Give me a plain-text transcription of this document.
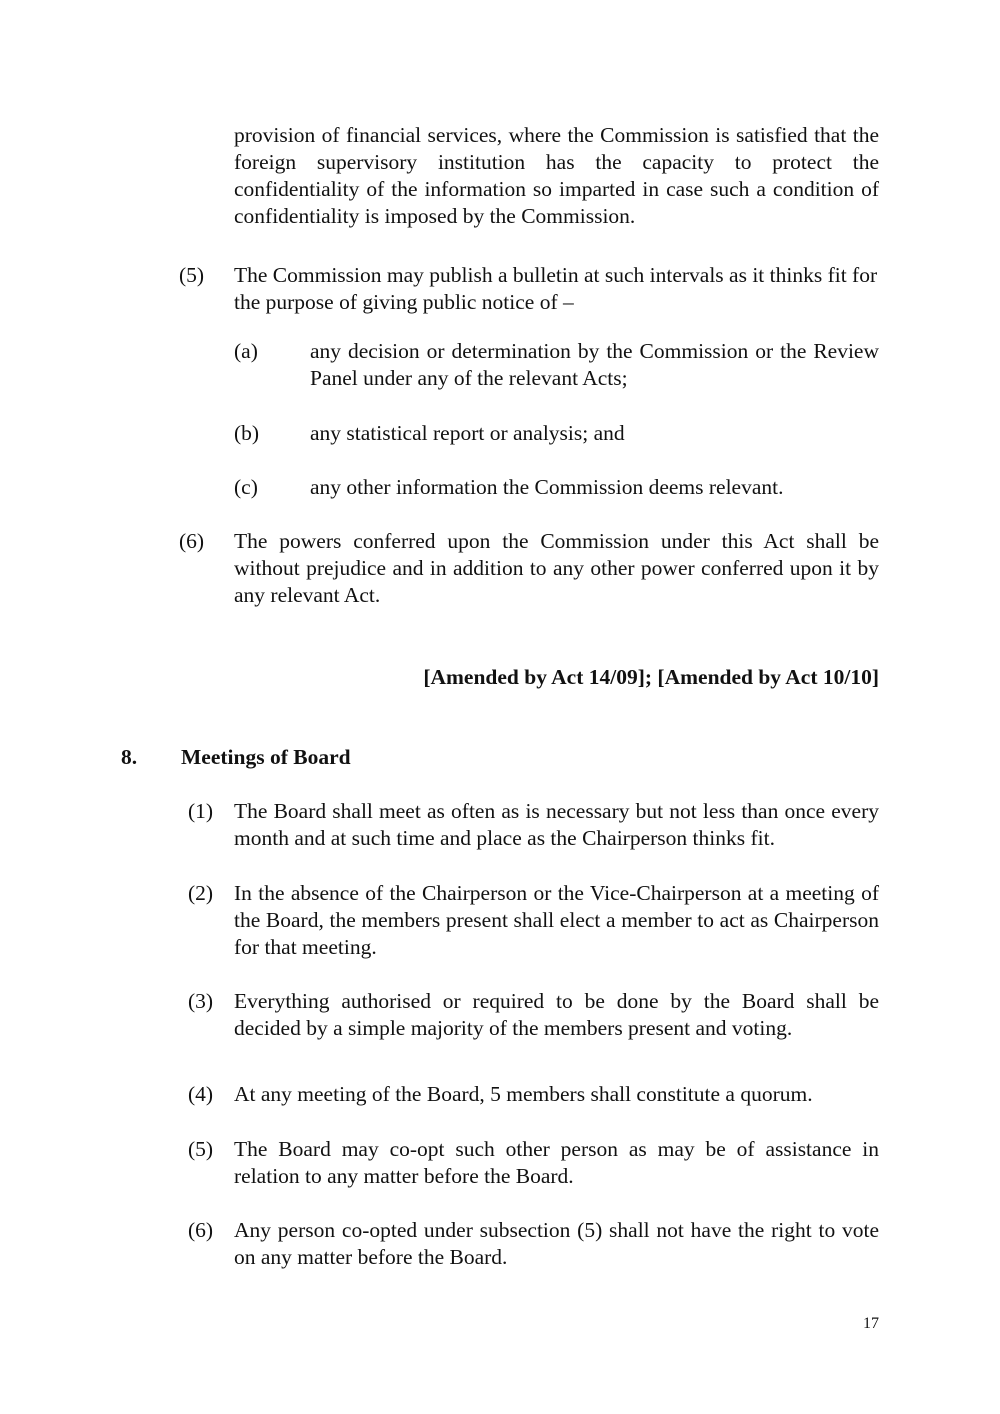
provision of financial services, where the Commission is satisfied that the foreign supervisory institution has the capacity to protect the confidentiality of the information so imparted in case such a condition of confidentiality is imposed by the Commission.
(5) The Commission may publish a bulletin at such intervals as it thinks fit for the purpose of giving public notice of –
(a) any decision or determination by the Commission or the Review Panel under any of the relevant Acts;
(b) any statistical report or analysis; and
(c) any other information the Commission deems relevant.
(6) The powers conferred upon the Commission under this Act shall be without prejudice and in addition to any other power conferred upon it by any relevant Act.
[Amended by Act 14/09]; [Amended by Act 10/10]
8. Meetings of Board
(1) The Board shall meet as often as is necessary but not less than once every month and at such time and place as the Chairperson thinks fit.
(2) In the absence of the Chairperson or the Vice-Chairperson at a meeting of the Board, the members present shall elect a member to act as Chairperson for that meeting.
(3) Everything authorised or required to be done by the Board shall be decided by a simple majority of the members present and voting.
(4) At any meeting of the Board, 5 members shall constitute a quorum.
(5) The Board may co-opt such other person as may be of assistance in relation to any matter before the Board.
(6) Any person co-opted under subsection (5) shall not have the right to vote on any matter before the Board.
17
